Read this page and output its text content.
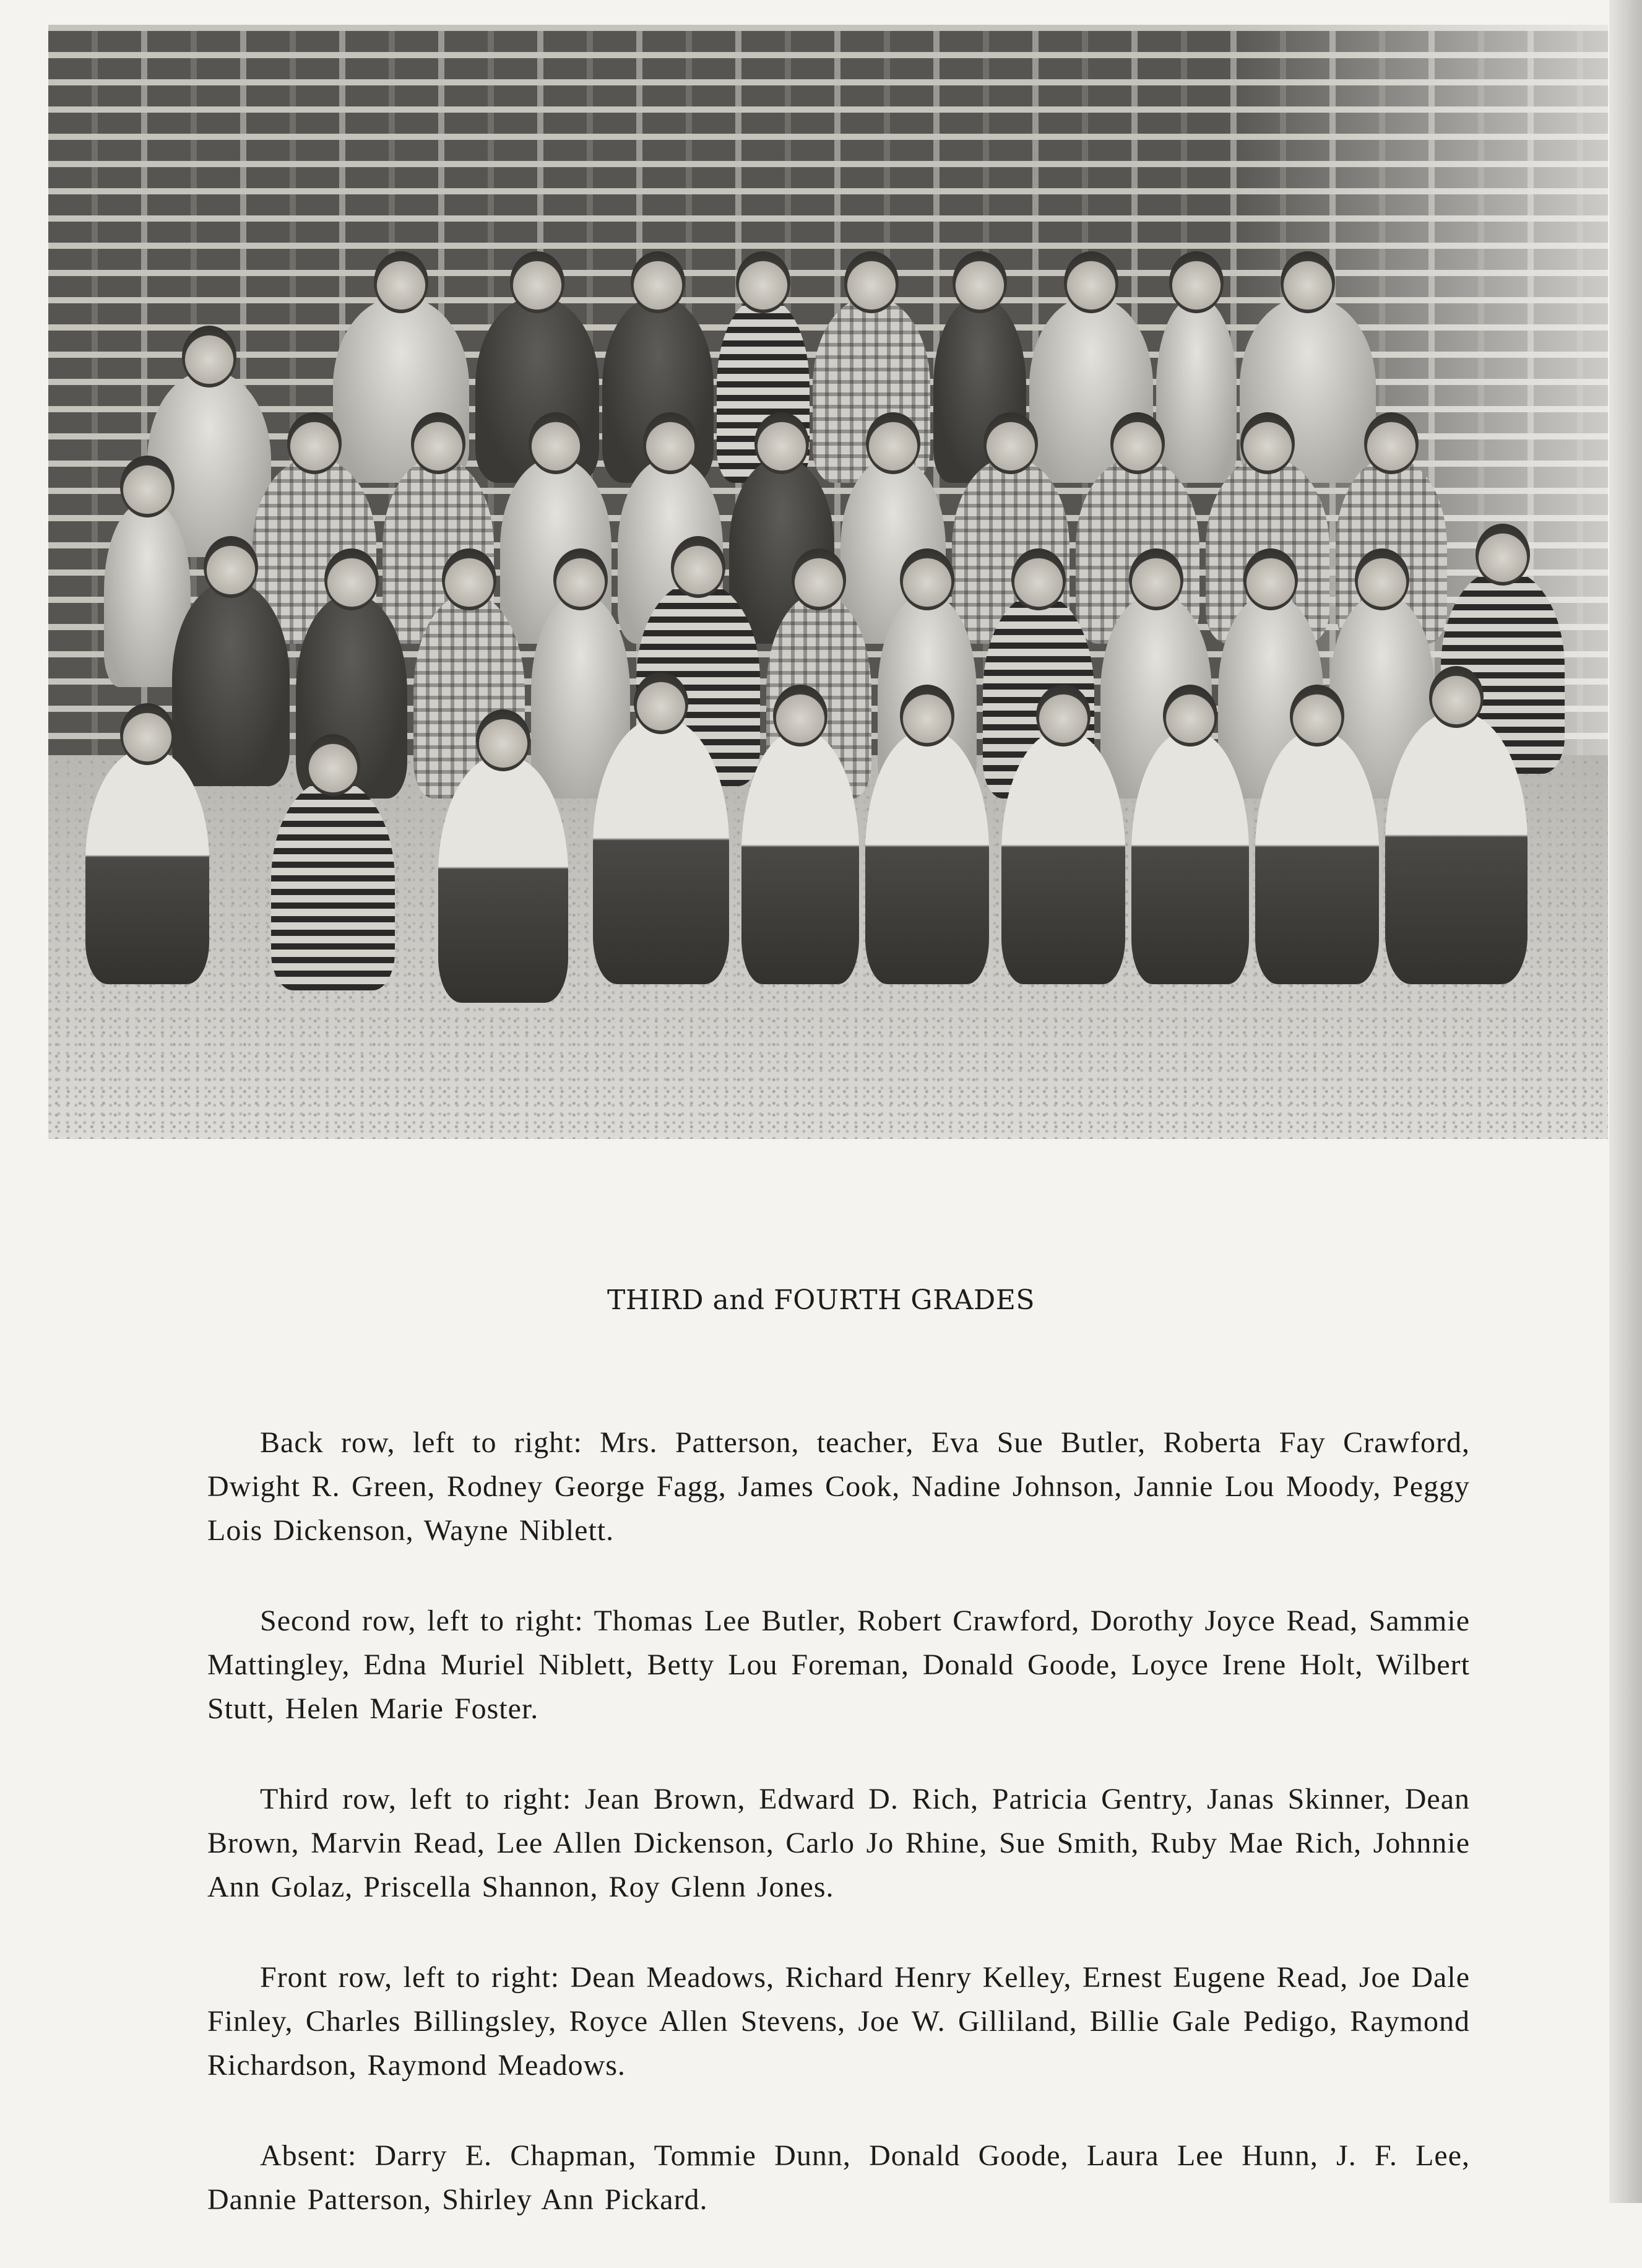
THIRD and FOURTH GRADES

Back row, left to right: Mrs. Patterson, teacher, Eva Sue Butler, Roberta Fay Crawford, Dwight R. Green, Rodney George Fagg, James Cook, Nadine Johnson, Jannie Lou Moody, Peggy Lois Dickenson, Wayne Niblett.

Second row, left to right: Thomas Lee Butler, Robert Crawford, Dorothy Joyce Read, Sammie Mattingley, Edna Muriel Niblett, Betty Lou Foreman, Donald Goode, Loyce Irene Holt, Wilbert Stutt, Helen Marie Foster.

Third row, left to right: Jean Brown, Edward D. Rich, Patricia Gentry, Janas Skinner, Dean Brown, Marvin Read, Lee Allen Dickenson, Carlo Jo Rhine, Sue Smith, Ruby Mae Rich, Johnnie Ann Golaz, Priscella Shannon, Roy Glenn Jones.

Front row, left to right: Dean Meadows, Richard Henry Kelley, Ernest Eugene Read, Joe Dale Finley, Charles Billingsley, Royce Allen Stevens, Joe W. Gilliland, Billie Gale Pedigo, Raymond Richardson, Raymond Meadows.

Absent: Darry E. Chapman, Tommie Dunn, Donald Goode, Laura Lee Hunn, J. F. Lee, Dannie Patterson, Shirley Ann Pickard.
